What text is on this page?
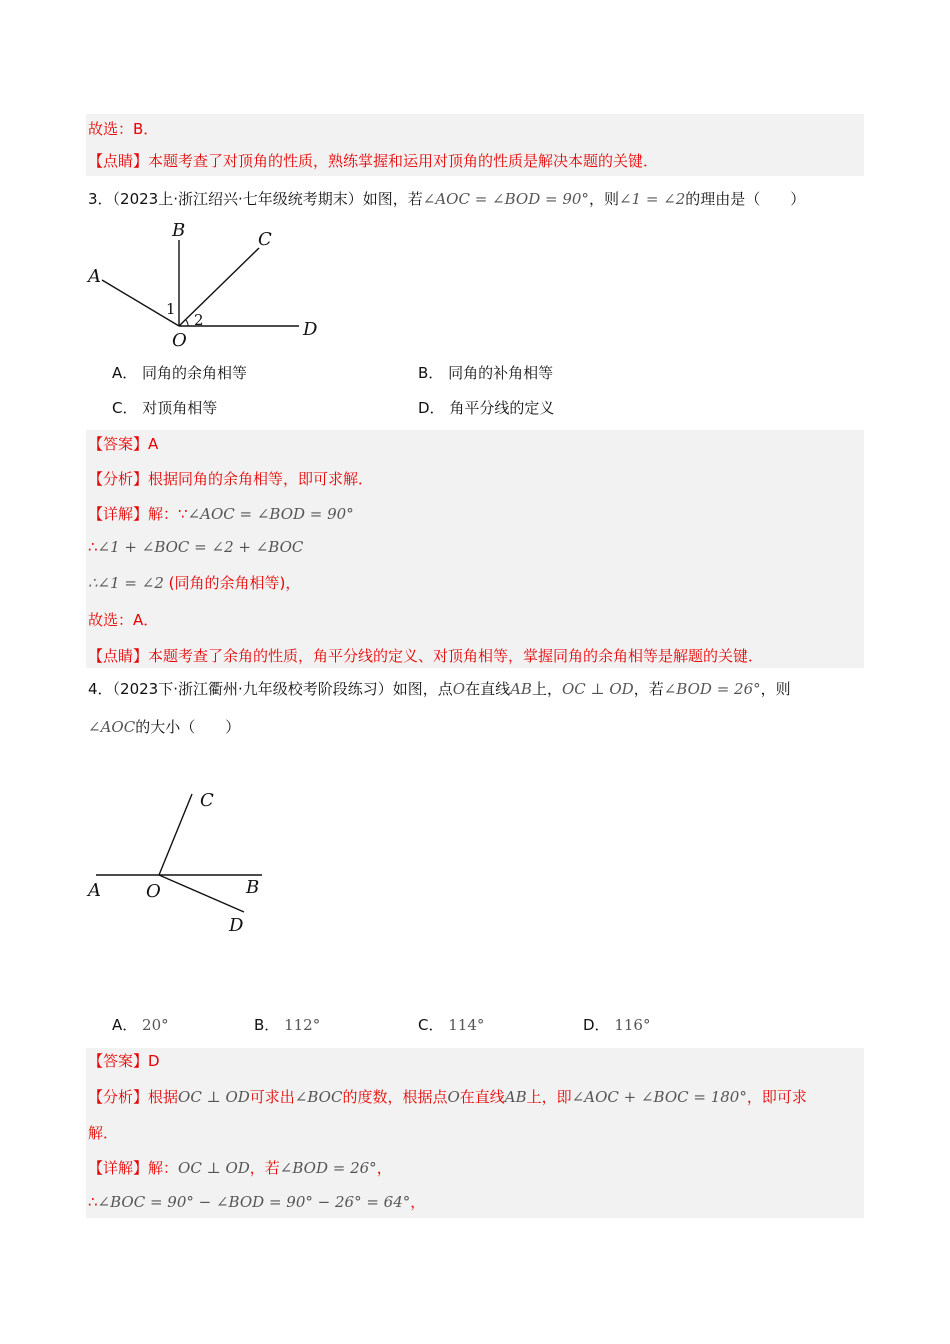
故选：B．
【点睛】本题考查了对顶角的性质，熟练掌握和运用对顶角的性质是解决本题的关键．
3．（2023上·浙江绍兴·七年级统考期末）如图，若∠AOC = ∠BOD = 90°，则∠1 = ∠2的理由是（　　）
A
B	C
D
O
1
2
A． 同角的余角相等	B． 同角的补角相等
C． 对顶角相等	D． 角平分线的定义
【答案】A
【分析】根据同角的余角相等，即可求解．
【详解】解：∵∠AOC = ∠BOD = 90°
∴∠1 + ∠BOC = ∠2 + ∠BOC
∴∠1 = ∠2 (同角的余角相等)，
故选：A．
【点睛】本题考查了余角的性质，角平分线的定义、对顶角相等，掌握同角的余角相等是解题的关键．
4．（2023下·浙江衢州·九年级校考阶段练习）如图，点O在直线AB上，OC ⊥ OD，若∠BOD = 26°，则
∠AOC的大小（　　）
A	B
C
D
O
A． 20°	B． 112°	C． 114°	D． 116°
【答案】D
【分析】根据OC ⊥ OD可求出∠BOC的度数，根据点O在直线AB上，即∠AOC + ∠BOC = 180°，即可求
解．
【详解】解：OC ⊥ OD，若∠BOD = 26°，
∴∠BOC = 90° − ∠BOD = 90° − 26° = 64°，
